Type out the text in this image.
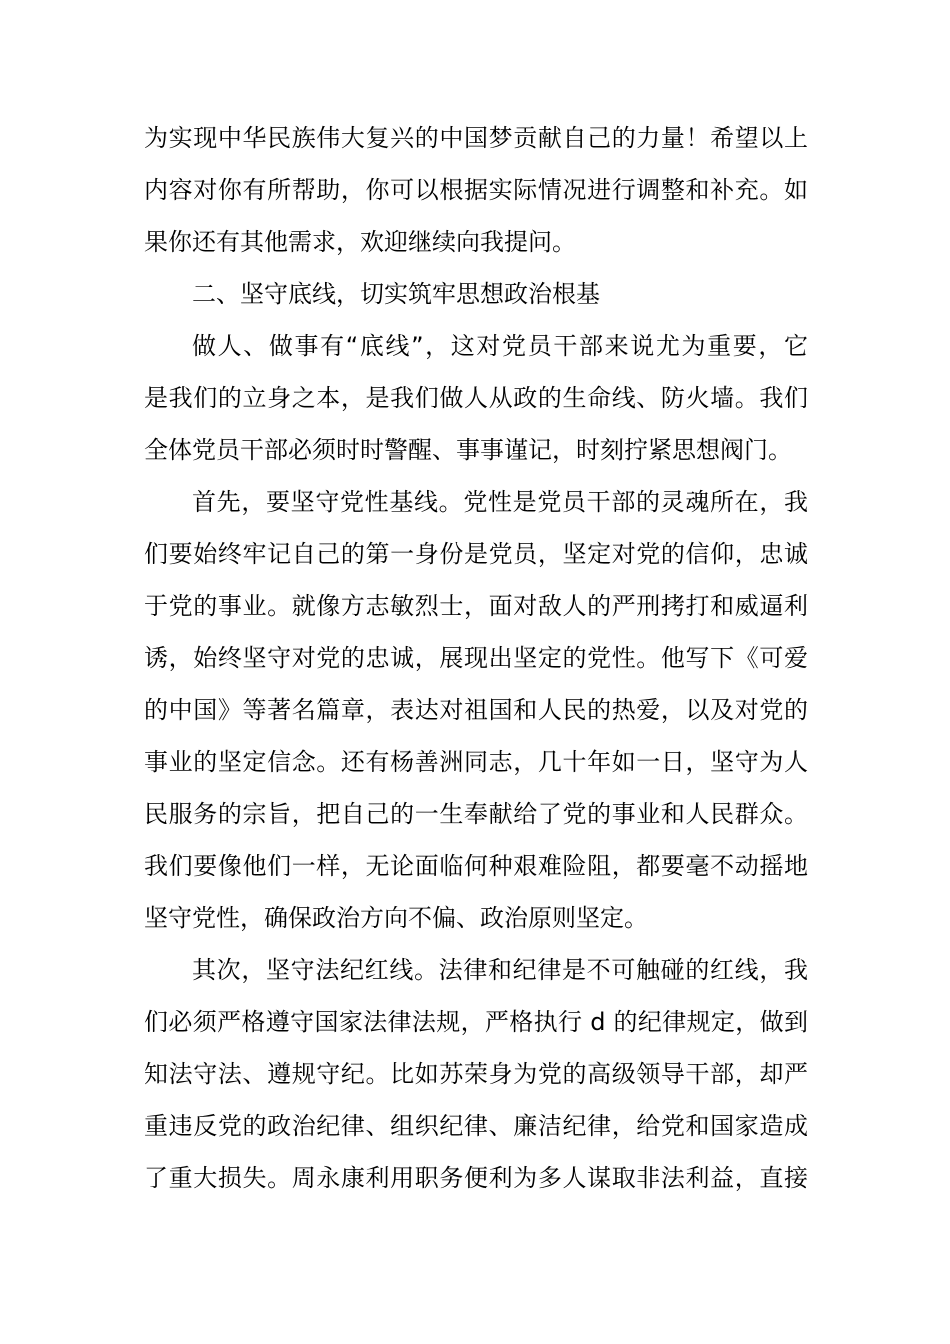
为实现中华民族伟大复兴的中国梦贡献自己的力量！希望以上
内容对你有所帮助，你可以根据实际情况进行调整和补充。如
果你还有其他需求，欢迎继续向我提问。
二、坚守底线，切实筑牢思想政治根基
做人、做事有“底线”，这对党员干部来说尤为重要，它
是我们的立身之本，是我们做人从政的生命线、防火墙。我们
全体党员干部必须时时警醒、事事谨记，时刻拧紧思想阀门。
首先，要坚守党性基线。党性是党员干部的灵魂所在，我
们要始终牢记自己的第一身份是党员，坚定对党的信仰，忠诚
于党的事业。就像方志敏烈士，面对敌人的严刑拷打和威逼利
诱，始终坚守对党的忠诚，展现出坚定的党性。他写下《可爱
的中国》等著名篇章，表达对祖国和人民的热爱，以及对党的
事业的坚定信念。还有杨善洲同志，几十年如一日，坚守为人
民服务的宗旨，把自己的一生奉献给了党的事业和人民群众。
我们要像他们一样，无论面临何种艰难险阻，都要毫不动摇地
坚守党性，确保政治方向不偏、政治原则坚定。
其次，坚守法纪红线。法律和纪律是不可触碰的红线，我
们必须严格遵守国家法律法规，严格执行 d 的纪律规定，做到
知法守法、遵规守纪。比如苏荣身为党的高级领导干部，却严
重违反党的政治纪律、组织纪律、廉洁纪律，给党和国家造成
了重大损失。周永康利用职务便利为多人谋取非法利益，直接
